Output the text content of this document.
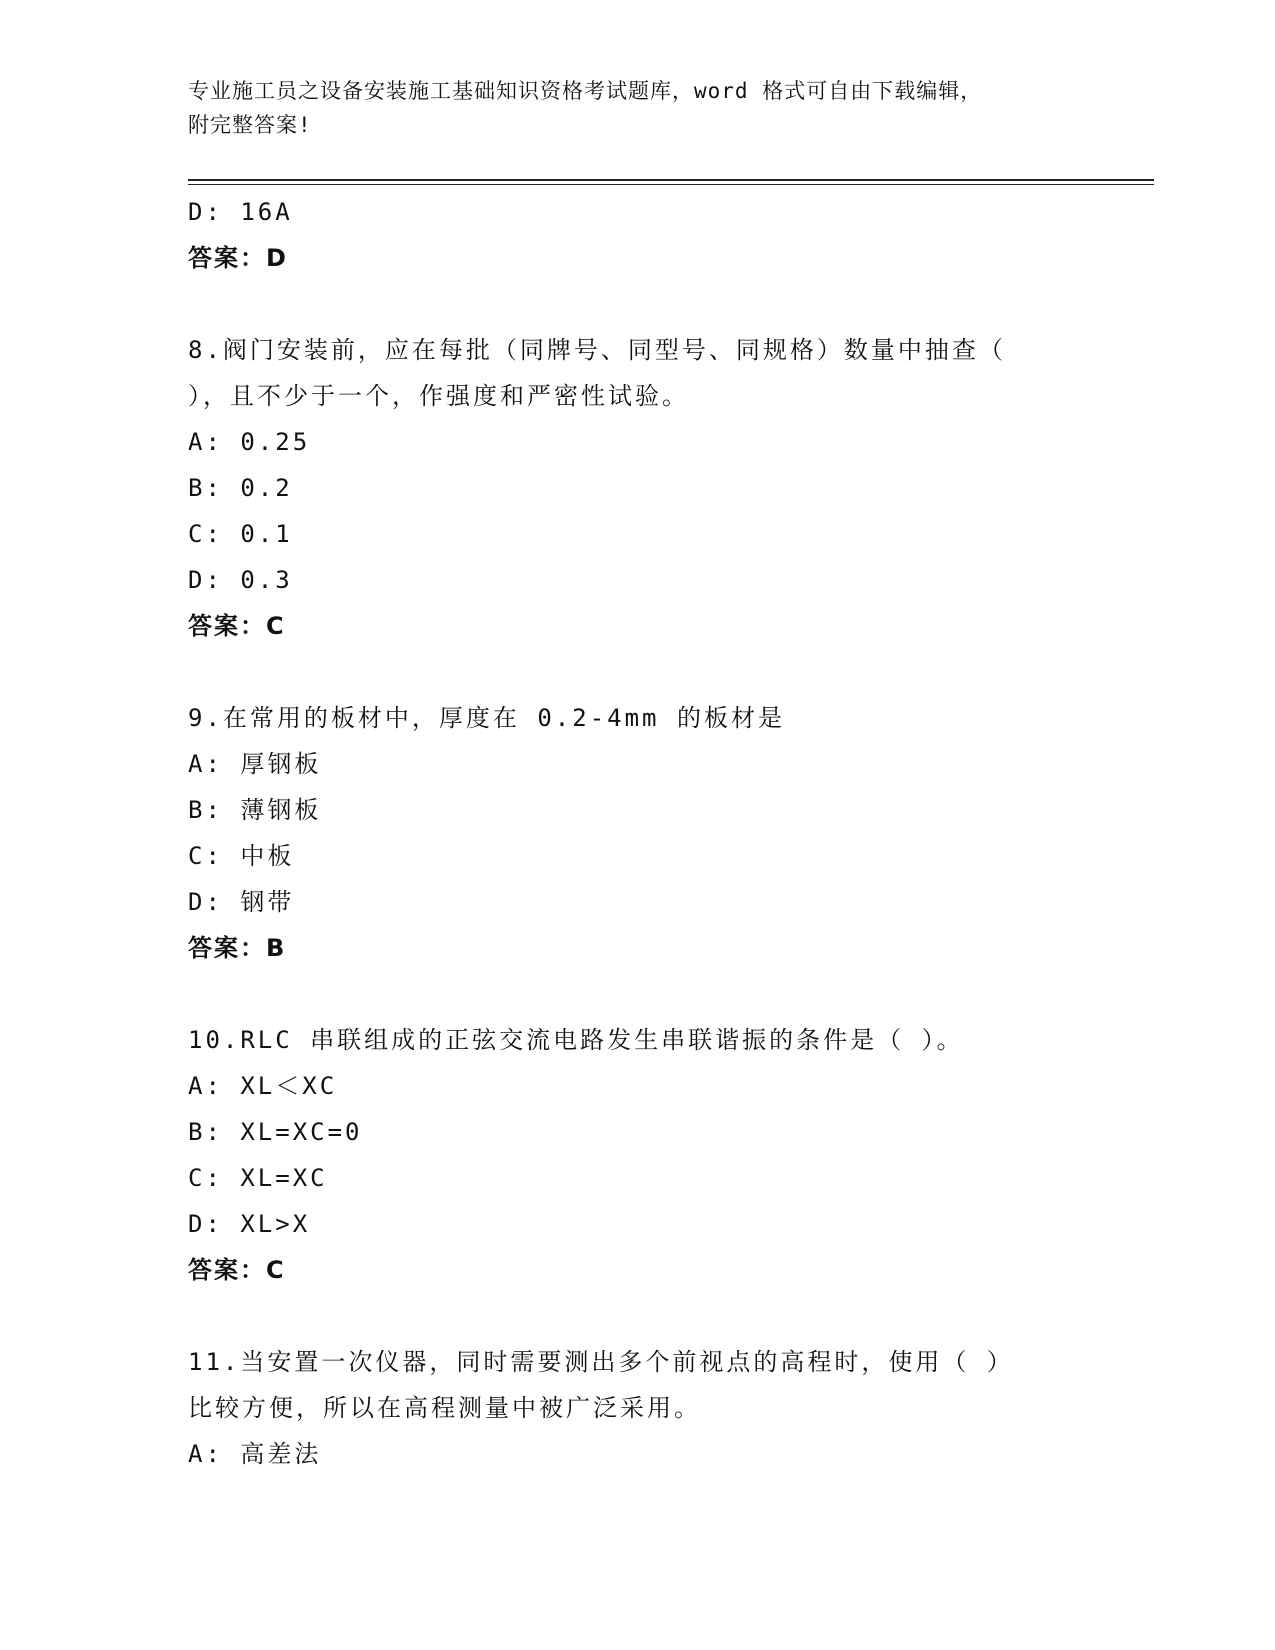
专业施工员之设备安装施工基础知识资格考试题库，word 格式可自由下载编辑，
附完整答案!
D: 16A
答案：D
8.阀门安装前，应在每批（同牌号、同型号、同规格）数量中抽查（
），且不少于一个，作强度和严密性试验。
A: 0.25
B: 0.2
C: 0.1
D: 0.3
答案：C
9.在常用的板材中，厚度在 0.2-4mm 的板材是
A: 厚钢板
B: 薄钢板
C: 中板
D: 钢带
答案：B
10.RLC 串联组成的正弦交流电路发生串联谐振的条件是（ ）。
A: XL＜XC
B: XL=XC=0
C: XL=XC
D: XL>X
答案：C
11.当安置一次仪器，同时需要测出多个前视点的高程时，使用（ ）
比较方便，所以在高程测量中被广泛采用。
A: 高差法
